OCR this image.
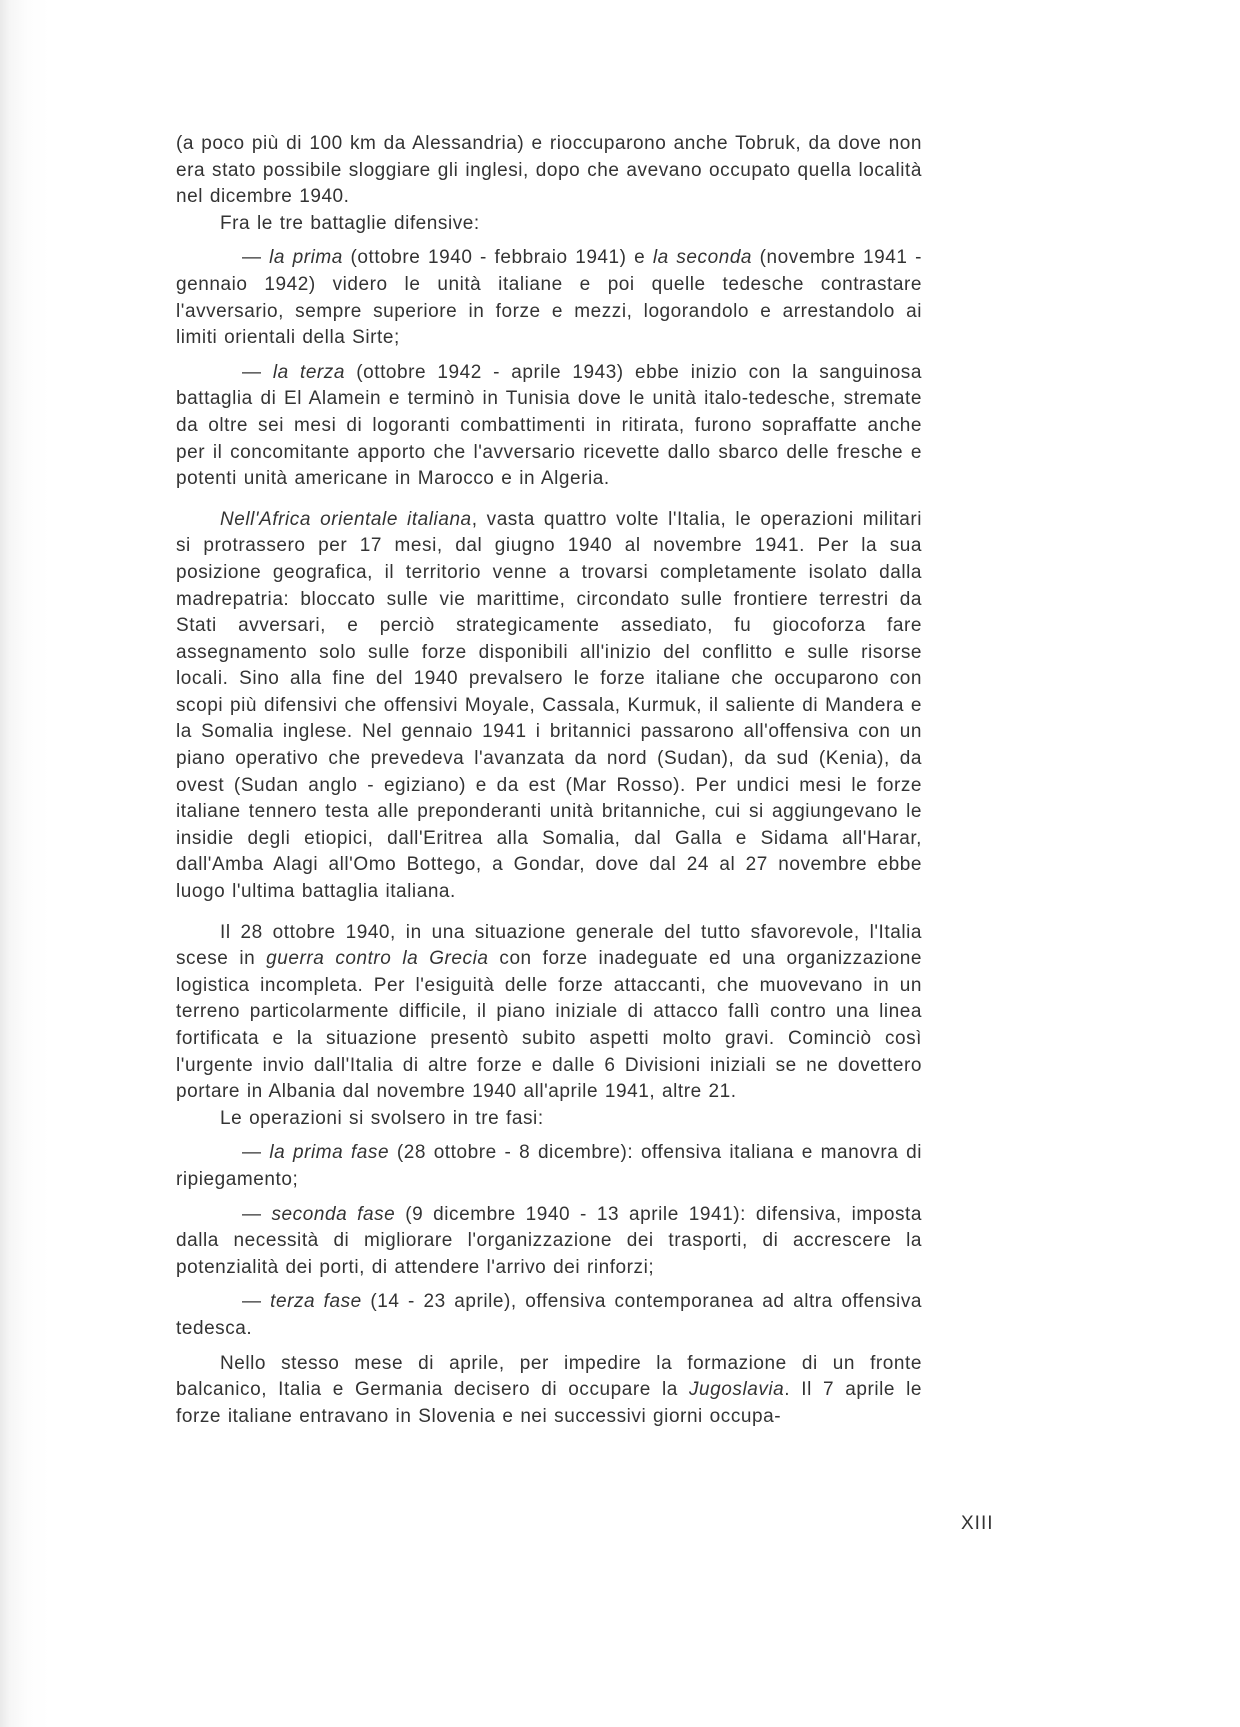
(a poco più di 100 km da Alessandria) e rioccuparono anche Tobruk, da dove non era stato possibile sloggiare gli inglesi, dopo che avevano occupato quella località nel dicembre 1940.

Fra le tre battaglie difensive:

— la prima (ottobre 1940 - febbraio 1941) e la seconda (novembre 1941 - gennaio 1942) videro le unità italiane e poi quelle tedesche contrastare l'avversario, sempre superiore in forze e mezzi, logorandolo e arrestandolo ai limiti orientali della Sirte;

— la terza (ottobre 1942 - aprile 1943) ebbe inizio con la sanguinosa battaglia di El Alamein e terminò in Tunisia dove le unità italo-tedesche, stremate da oltre sei mesi di logoranti combattimenti in ritirata, furono sopraffatte anche per il concomitante apporto che l'avversario ricevette dallo sbarco delle fresche e potenti unità americane in Marocco e in Algeria.

Nell'Africa orientale italiana, vasta quattro volte l'Italia, le operazioni militari si protrassero per 17 mesi, dal giugno 1940 al novembre 1941. Per la sua posizione geografica, il territorio venne a trovarsi completamente isolato dalla madrepatria: bloccato sulle vie marittime, circondato sulle frontiere terrestri da Stati avversari, e perciò strategicamente assediato, fu giocoforza fare assegnamento solo sulle forze disponibili all'inizio del conflitto e sulle risorse locali. Sino alla fine del 1940 prevalsero le forze italiane che occuparono con scopi più difensivi che offensivi Moyale, Cassala, Kurmuk, il saliente di Mandera e la Somalia inglese. Nel gennaio 1941 i britannici passarono all'offensiva con un piano operativo che prevedeva l'avanzata da nord (Sudan), da sud (Kenia), da ovest (Sudan anglo - egiziano) e da est (Mar Rosso). Per undici mesi le forze italiane tennero testa alle preponderanti unità britanniche, cui si aggiungevano le insidie degli etiopici, dall'Eritrea alla Somalia, dal Galla e Sidama all'Harar, dall'Amba Alagi all'Omo Bottego, a Gondar, dove dal 24 al 27 novembre ebbe luogo l'ultima battaglia italiana.

Il 28 ottobre 1940, in una situazione generale del tutto sfavorevole, l'Italia scese in guerra contro la Grecia con forze inadeguate ed una organizzazione logistica incompleta. Per l'esiguità delle forze attaccanti, che muovevano in un terreno particolarmente difficile, il piano iniziale di attacco fallì contro una linea fortificata e la situazione presentò subito aspetti molto gravi. Cominciò così l'urgente invio dall'Italia di altre forze e dalle 6 Divisioni iniziali se ne dovettero portare in Albania dal novembre 1940 all'aprile 1941, altre 21.

Le operazioni si svolsero in tre fasi:

— la prima fase (28 ottobre - 8 dicembre): offensiva italiana e manovra di ripiegamento;

— seconda fase (9 dicembre 1940 - 13 aprile 1941): difensiva, imposta dalla necessità di migliorare l'organizzazione dei trasporti, di accrescere la potenzialità dei porti, di attendere l'arrivo dei rinforzi;

— terza fase (14 - 23 aprile), offensiva contemporanea ad altra offensiva tedesca.

Nello stesso mese di aprile, per impedire la formazione di un fronte balcanico, Italia e Germania decisero di occupare la Jugoslavia. Il 7 aprile le forze italiane entravano in Slovenia e nei successivi giorni occupa-

XIII
